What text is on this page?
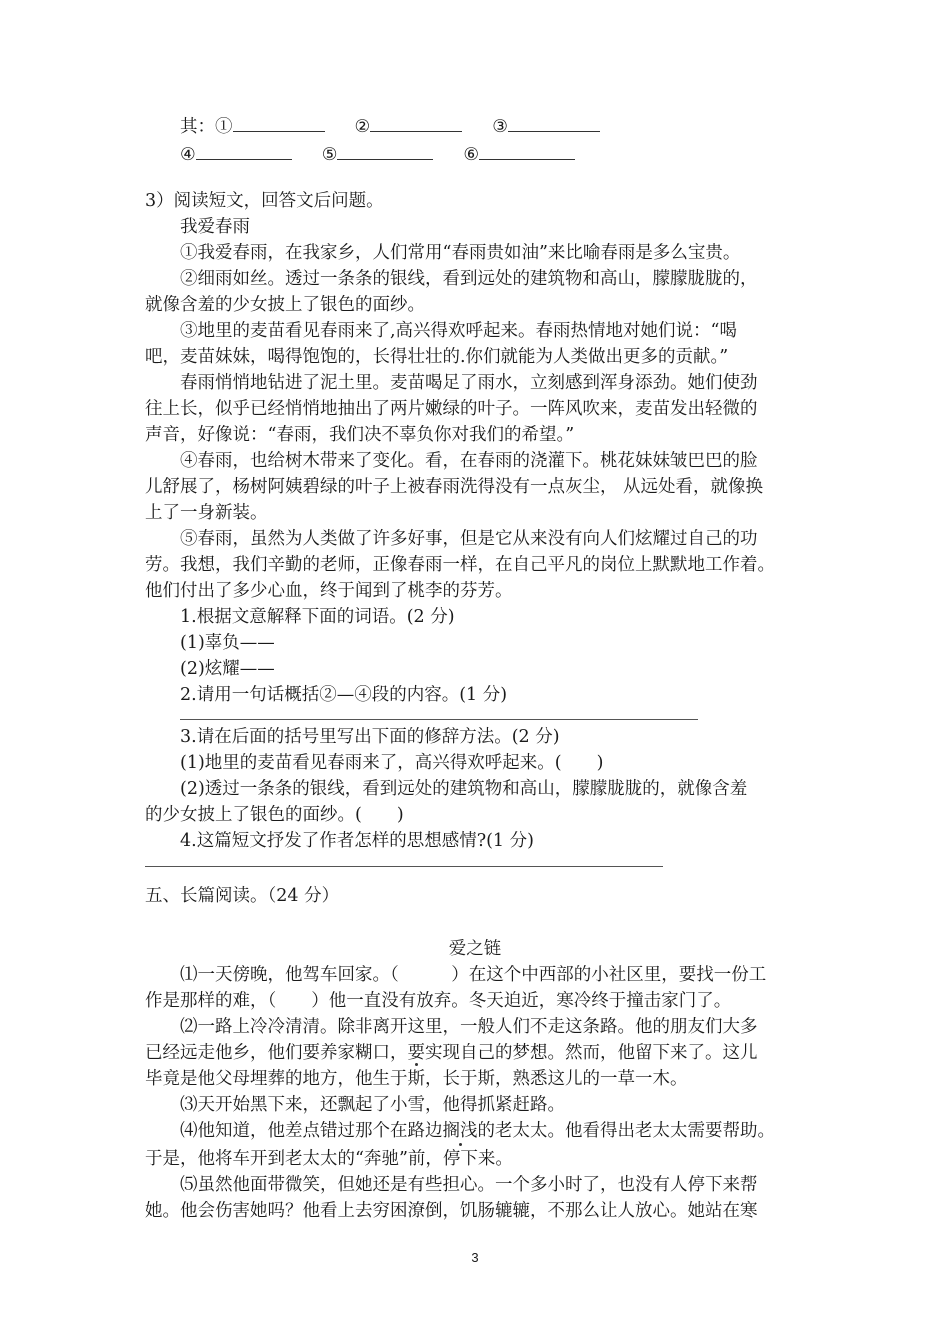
其：①	②	③
④	⑤	⑥
3）阅读短文，回答文后问题。
我爱春雨
①我爱春雨，在我家乡，人们常用“春雨贵如油”来比喻春雨是多么宝贵。
②细雨如丝。透过一条条的银线，看到远处的建筑物和高山，朦朦胧胧的，
就像含羞的少女披上了银色的面纱。
③地里的麦苗看见春雨来了,高兴得欢呼起来。春雨热情地对她们说：“喝
吧，麦苗妹妹，喝得饱饱的，长得壮壮的.你们就能为人类做出更多的贡献。”
春雨悄悄地钻进了泥土里。麦苗喝足了雨水，立刻感到浑身添劲。她们使劲
往上长，似乎已经悄悄地抽出了两片嫩绿的叶子。一阵风吹来，麦苗发出轻微的
声音，好像说：“春雨，我们决不辜负你对我们的希望。”
④春雨，也给树木带来了变化。看，在春雨的浇灌下。桃花妹妹皱巴巴的脸
儿舒展了，杨树阿姨碧绿的叶子上被春雨洗得没有一点灰尘， 从远处看，就像换
上了一身新装。
⑤春雨，虽然为人类做了许多好事，但是它从来没有向人们炫耀过自己的功
劳。我想，我们辛勤的老师，正像春雨一样，在自己平凡的岗位上默默地工作着。
他们付出了多少心血，终于闻到了桃李的芬芳。
1.根据文意解释下面的词语。(2 分)
(1)辜负——
(2)炫耀——
2.请用一句话概括②—④段的内容。(1 分)
3.请在后面的括号里写出下面的修辞方法。(2 分)
(1)地里的麦苗看见春雨来了，高兴得欢呼起来。(　　)
(2)透过一条条的银线，看到远处的建筑物和高山，朦朦胧胧的，就像含羞
的少女披上了银色的面纱。(　　)
4.这篇短文抒发了作者怎样的思想感情?(1 分)
五、长篇阅读。（24 分）
爱之链
⑴一天傍晚，他驾车回家。（　　　）在这个中西部的小社区里，要找一份工
作是那样的难，（　　）他一直没有放弃。冬天迫近，寒冷终于撞击家门了。
⑵一路上冷冷清清。除非离开这里，一般人们不走这条路。他的朋友们大多
已经远走他乡，他们要养家糊口，要实现自己的梦想。然而，他留下来了。这儿
毕竟是他父母埋葬的地方，他生于斯，长于斯，熟悉这儿的一草一木。
⑶天开始黑下来，还飘起了小雪，他得抓紧赶路。
⑷他知道，他差点错过那个在路边搁浅的老太太。他看得出老太太需要帮助。
于是，他将车开到老太太的“奔驰”前，停下来。
⑸虽然他面带微笑，但她还是有些担心。一个多小时了，也没有人停下来帮
她。他会伤害她吗？他看上去穷困潦倒，饥肠辘辘，不那么让人放心。她站在寒
3
